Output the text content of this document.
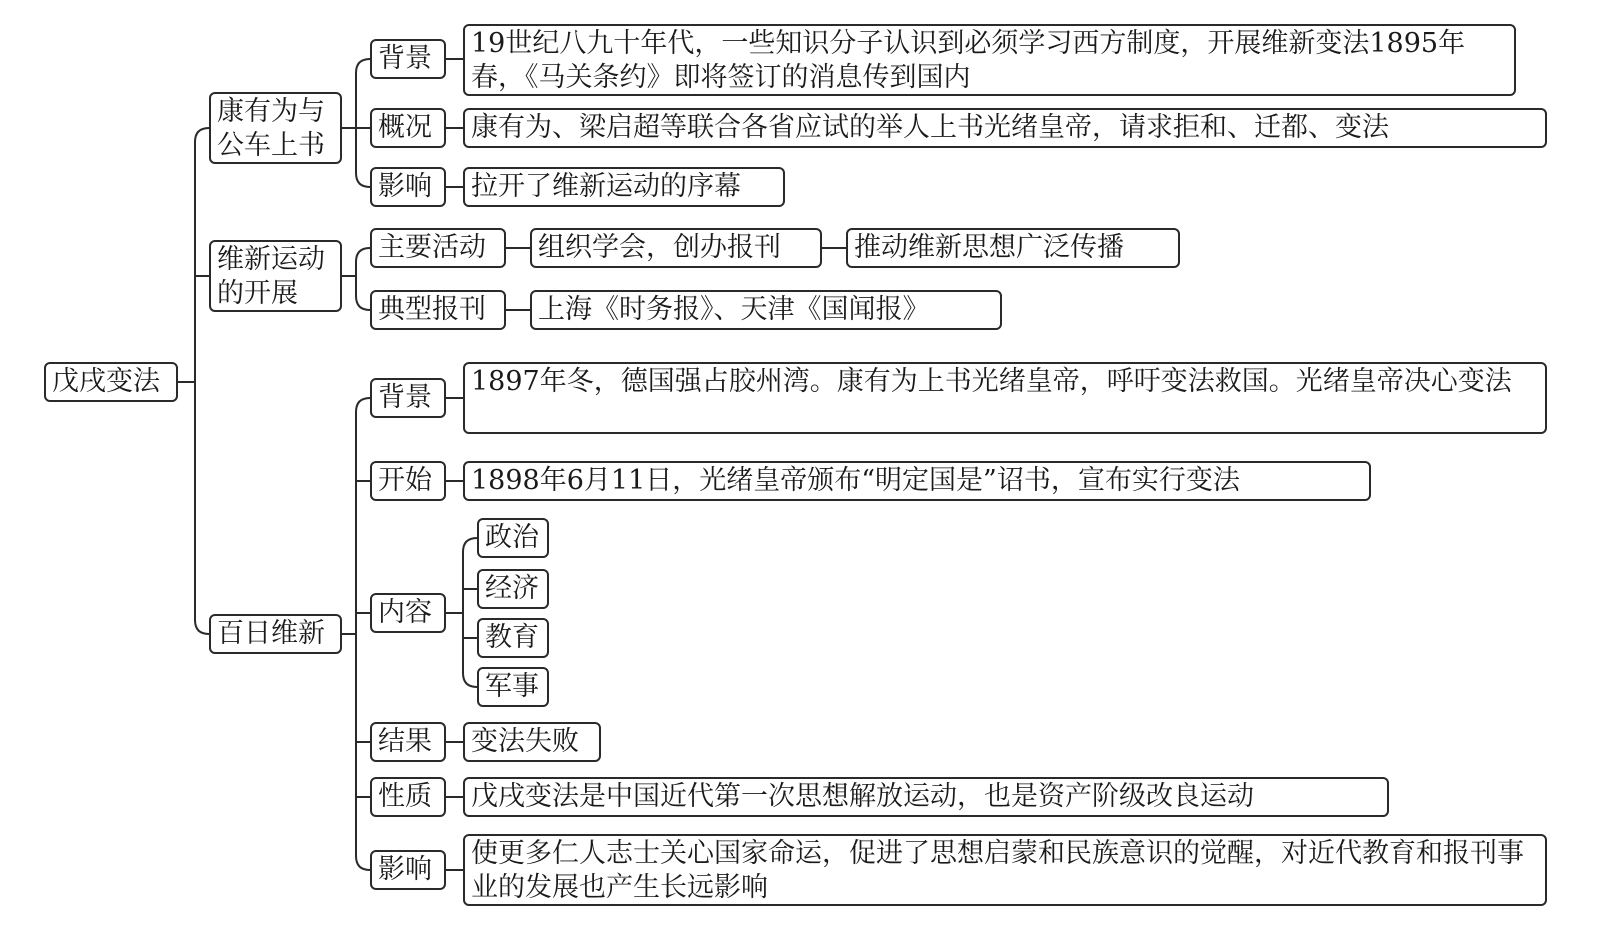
戊戌变法
康有为与公车上书
维新运动的开展
百日维新
背景 19世纪八九十年代，一些知识分子认识到必须学习西方制度，开展维新变法1895年春，《马关条约》即将签订的消息传到国内
概况 康有为、梁启超等联合各省应试的举人上书光绪皇帝，请求拒和、迁都、变法
影响 拉开了维新运动的序幕
主要活动 组织学会，创办报刊	推动维新思想广泛传播
典型报刊 上海《时务报》、天津《国闻报》
背景
1897年冬，德国强占胶州湾。康有为上书光绪皇帝，呼吁变法救国。光绪皇帝决心变法
开始 1898年6月11日，光绪皇帝颁布“明定国是”诏书，宣布实行变法
内容
政治
经济
教育
军事
结果 变法失败
性质 戊戌变法是中国近代第一次思想解放运动，也是资产阶级改良运动
影响
使更多仁人志士关心国家命运，促进了思想启蒙和民族意识的觉醒，对近代教育和报刊事业的发展也产生长远影响
